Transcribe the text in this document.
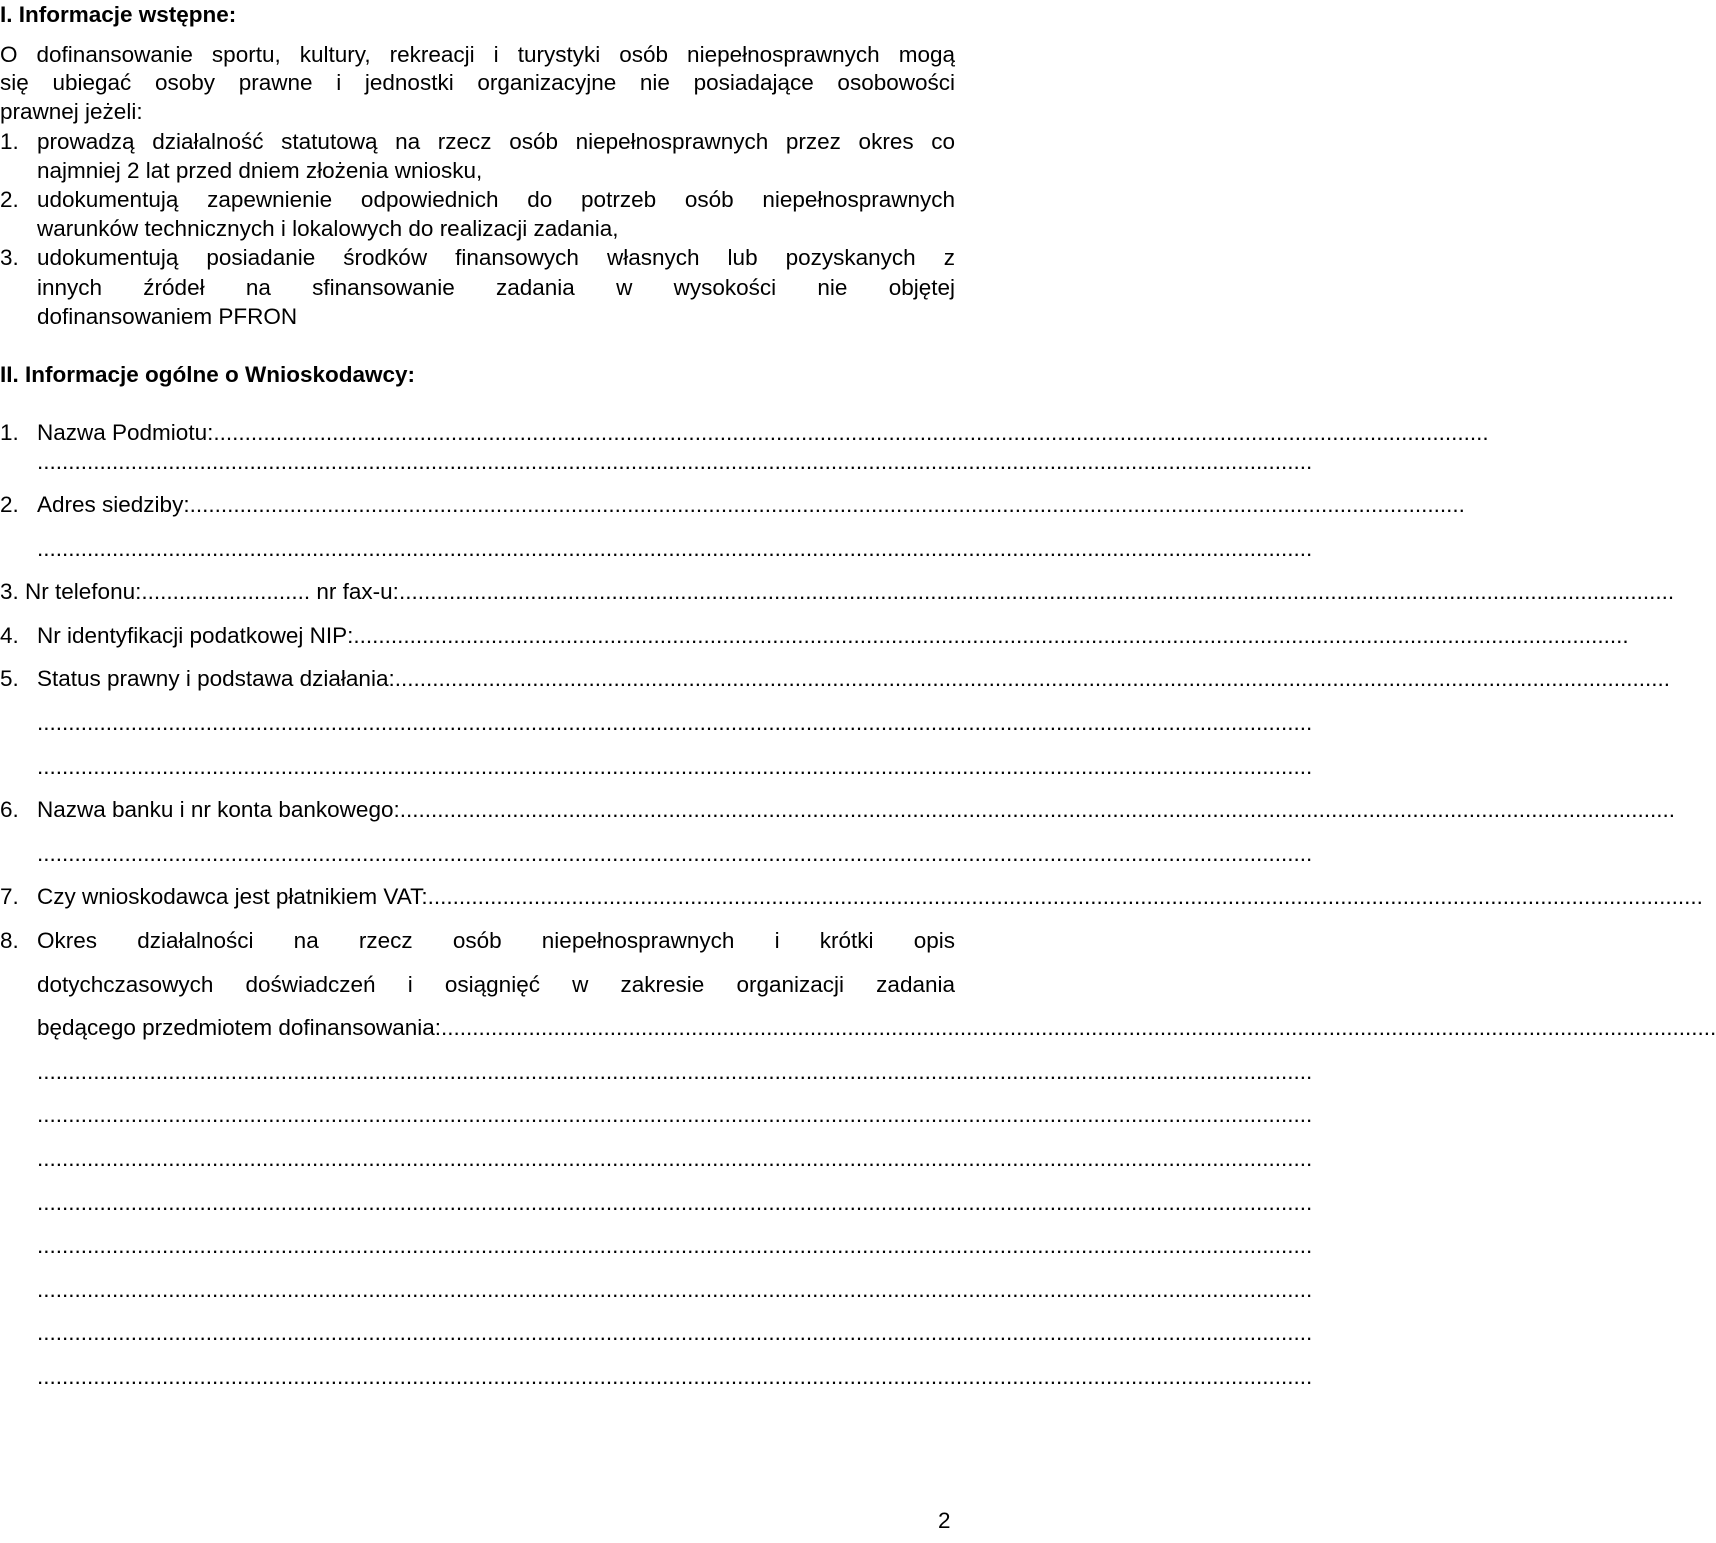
I. Informacje wstępne:
O dofinansowanie sportu, kultury, rekreacji i turystyki osób niepełnosprawnych mogą
się ubiegać osoby prawne i jednostki organizacyjne nie posiadające osobowości
prawnej jeżeli:
1. prowadzą działalność statutową na rzecz osób niepełnosprawnych przez okres co
najmniej 2 lat przed dniem złożenia wniosku,
2. udokumentują zapewnienie odpowiednich do potrzeb osób niepełnosprawnych
warunków technicznych i lokalowych do realizacji zadania,
3. udokumentują posiadanie środków finansowych własnych lub pozyskanych z
innych źródeł na sfinansowanie zadania w wysokości nie objętej
dofinansowaniem PFRON
II. Informacje ogólne o Wnioskodawcy:
1. Nazwa Podmiotu: ............................................................................................................................................................................................................
............................................................................................................................................................................................................
2. Adres siedziby: ............................................................................................................................................................................................................
............................................................................................................................................................................................................
3.
Nr telefonu: ...........................
nr fax-u: ............................................................................................................................................................................................................
4. Nr identyfikacji podatkowej NIP: ............................................................................................................................................................................................................
5. Status prawny i podstawa działania: ............................................................................................................................................................................................................
............................................................................................................................................................................................................
............................................................................................................................................................................................................
6. Nazwa banku i nr konta bankowego: ............................................................................................................................................................................................................
............................................................................................................................................................................................................
7. Czy wnioskodawca jest płatnikiem VAT: ............................................................................................................................................................................................................
8. Okres działalności na rzecz osób niepełnosprawnych i krótki opis
dotychczasowych doświadczeń i osiągnięć w zakresie organizacji zadania
będącego przedmiotem dofinansowania: ............................................................................................................................................................................................................
............................................................................................................................................................................................................
............................................................................................................................................................................................................
............................................................................................................................................................................................................
............................................................................................................................................................................................................
............................................................................................................................................................................................................
............................................................................................................................................................................................................
............................................................................................................................................................................................................
............................................................................................................................................................................................................
2
